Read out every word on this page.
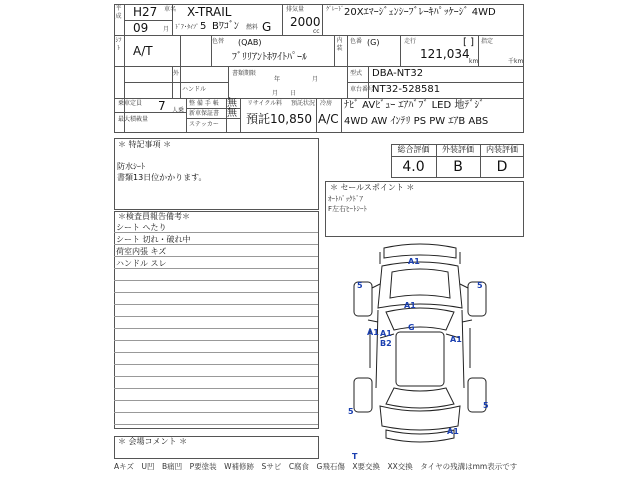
平成 H27 車名 X-TRAIL
09 月 ﾄﾞｱ･ﾀｲﾌﾟ 5 Bﾜｺﾞﾝ 燃料 G
排気量
2000
cc
ｸﾞﾚｰﾄﾞ 20Xｴﾏｰｼﾞｪﾝｼｰﾌﾞﾚｰｷﾊﾟｯｹｰｼﾞ 4WD
ｼﾌﾄ A/T
色替 (QAB)
ﾌﾞﾘﾘｱﾝﾄﾎﾜｲﾄﾊﾟｰﾙ
内装
色番 (G)	走行
121,034
km
[ ] 指定
千km
外
ハンドル
書類期限
年	月
月 日
型式 DBA-NT32
車台番号
NT32-528581
乗車定員 7 人乗
最大積載量
整 備 手 帳 無
新車保証書 無
ステッカー
リサイクル料 預託状況
預託10,850
冷房
A/C
ﾅﾋﾞ AVﾋﾞｭｰ ｴｱﾊﾞﾌﾞ LED 地ﾃﾞｼﾞ
4WD AW ｲﾝﾃﾘ PS PW ｴｱB ABS
＊ 特記事項 ＊
防水ｼｰﾄ
書類13日位かかります。
総合評価	外装評価	内装評価
4.0	B	D
＊ セールスポイント ＊
ｵｰﾄﾊﾞｯｸﾄﾞｱ
F左右ﾋｰﾄｼｰﾄ
＊検査員報告備考＊
シート へたり
シート 切れ・破れ中
荷室内張 キズ
ハンドル スレ
＊ 会場コメント ＊
A1
5	5
A1
A1
G
A1
A1
B2
5
5
A1
T
Aキズ　U凹　B痛凹　P要塗装　W補修跡　Sサビ　C腐食　G飛石傷　X要交換　XX交換　タイヤの残溝はmm表示です
